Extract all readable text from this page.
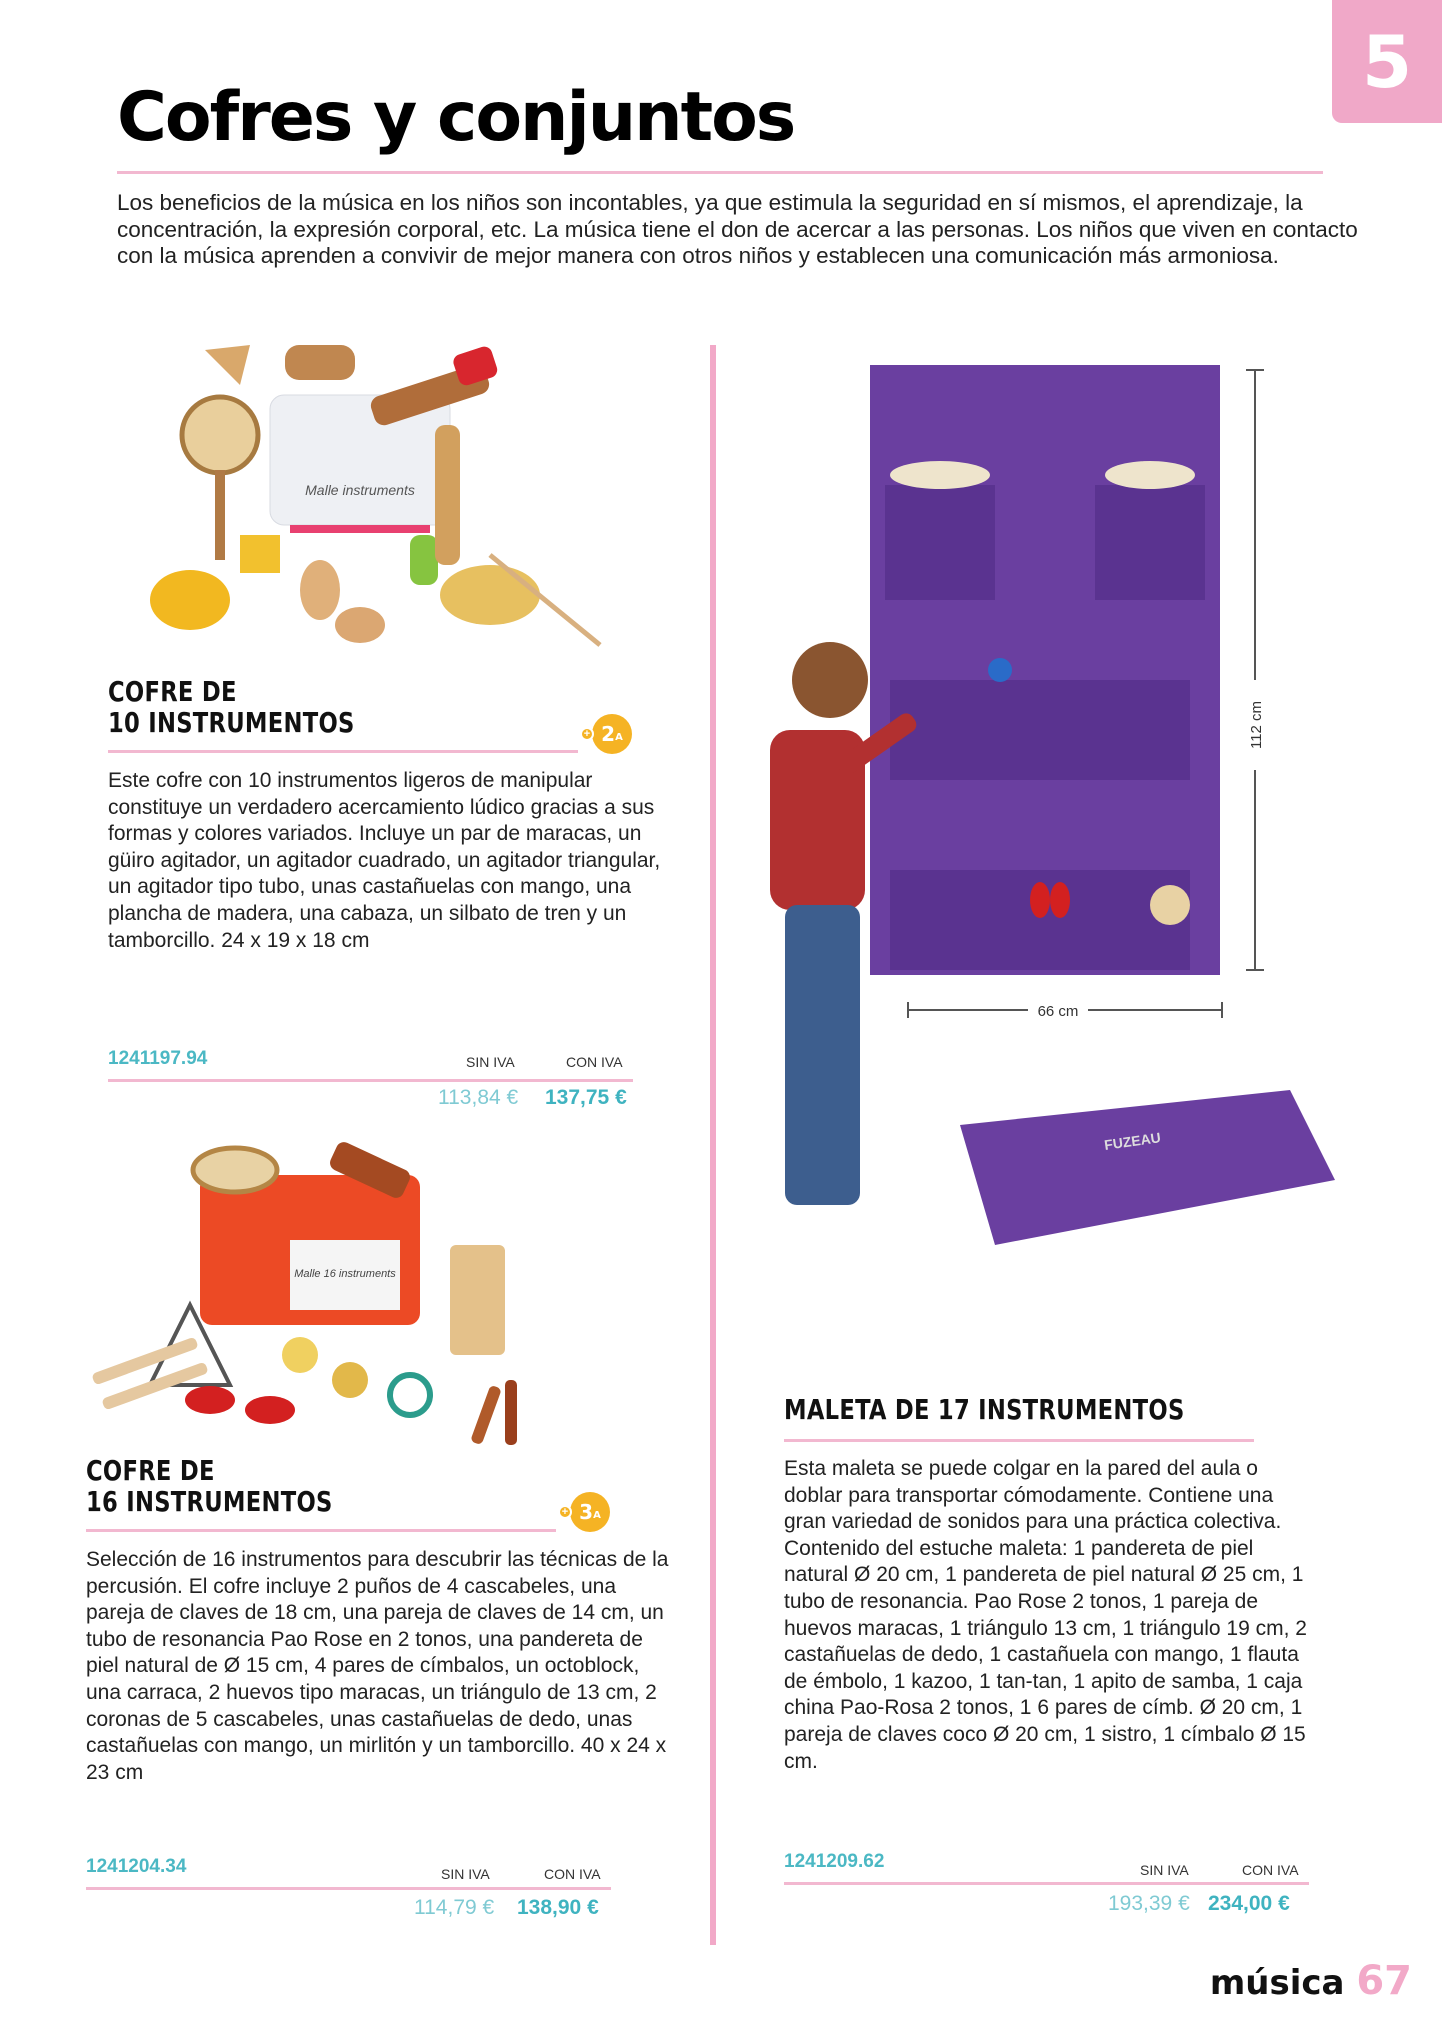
5
Cofres y conjuntos

Los beneficios de la música en los niños son incontables, ya que estimula la seguridad en sí mismos, el aprendizaje, la concentración, la expresión corporal, etc. La música tiene el don de acercar a las personas. Los niños que viven en contacto con la música aprenden a convivir de mejor manera con otros niños y establecen una comunicación más armoniosa.

Malle instruments
COFRE DE
10 INSTRUMENTOS	+ 2 A

Este cofre con 10 instrumentos ligeros de manipular constituye un verdadero acercamiento lúdico gracias a sus formas y colores variados. Incluye un par de maracas, un güiro agitador, un agitador cuadrado, un agitador triangular, un agitador tipo tubo, unas castañuelas con mango, una plancha de madera, una cabaza, un silbato de tren y un tamborcillo. 24 x 19 x 18 cm

1241197.94	SIN IVA	CON IVA
113,84 € 137,75 €
Malle 16 instruments
COFRE DE
16 INSTRUMENTOS	+ 3 A

Selección de 16 instrumentos para descubrir las técnicas de la percusión. El cofre incluye 2 puños de 4 cascabeles, una pareja de claves de 18 cm, una pareja de claves de 14 cm, un tubo de resonancia Pao Rose en 2 tonos, una pandereta de piel natural de Ø 15 cm, 4 pares de címbalos, un octoblock, una carraca, 2 huevos tipo maracas, un triángulo de 13 cm, 2 coronas de 5 cascabeles, unas castañuelas de dedo, unas castañuelas con mango, un mirlitón y un tamborcillo. 40 x 24 x 23 cm

1241204.34	SIN IVA	CON IVA
114,79 € 138,90 €
112 cm
66 cm
FUZEAU
MALETA DE 17 INSTRUMENTOS

Esta maleta se puede colgar en la pared del aula o doblar para transportar cómodamente. Contiene una gran variedad de sonidos para una práctica colectiva. Contenido del estuche maleta: 1 pandereta de piel natural Ø 20 cm, 1 pandereta de piel natural Ø 25 cm, 1 tubo de resonancia. Pao Rose 2 tonos, 1 pareja de huevos maracas, 1 triángulo 13 cm, 1 triángulo 19 cm, 2 castañuelas de dedo, 1 castañuela con mango, 1 flauta de émbolo, 1 kazoo, 1 tan-tan, 1 apito de samba, 1 caja china Pao-Rosa 2 tonos, 1 6 pares de címb. Ø 20 cm, 1 pareja de claves coco Ø 20 cm, 1 sistro, 1 címbalo Ø 15 cm.

1241209.62	SIN IVA	CON IVA
193,39 € 234,00 €
música 67
